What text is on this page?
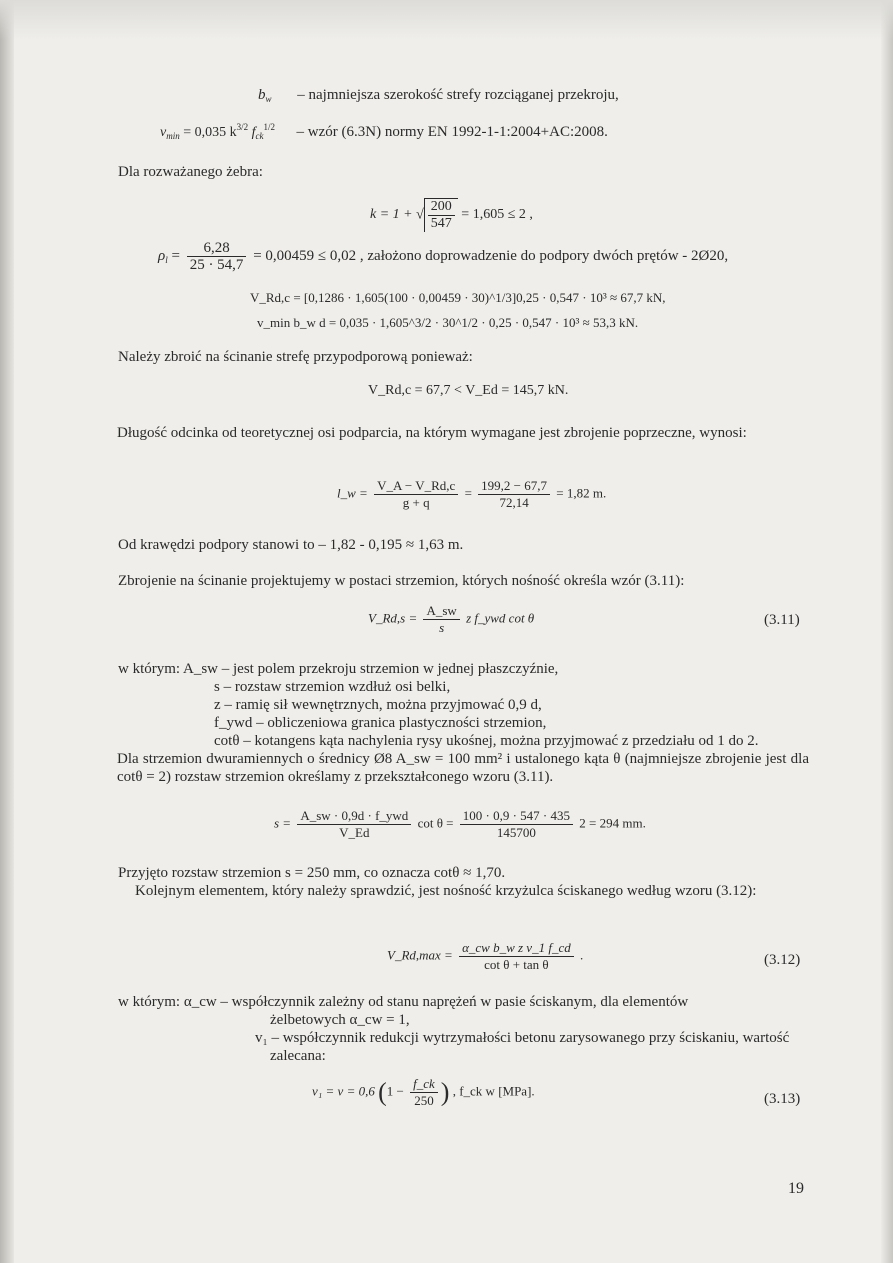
$b_w$ – najmniejsza szerokość strefy rozciąganej przekroju,
$v_{min} = 0,035$ $k^{3/2}$ $f_{ck}^{1/2}$ – wzór (6.3N) normy EN 1992-1-1:2004+AC:2008.
Dla rozważanego żebra:
k = 1 + √ $\frac{200}{547} = 1,605 \le 2$ ,
$\rho_l = \frac{6,28}{25 \cdot 54,7} = 0,00459 \le 0,02$ , założono doprowadzenie do podpory dwóch prętów - 2Ø20,
V_Rd,c = [0,1286 · 1,605(100 · 0,00459 · 30)^1/3]0,25 · 0,547 · 10³ ≈ 67,7 kN,
v_min b_w d = 0,035 · 1,605^3/2 · 30^1/2 · 0,25 · 0,547 · 10³ ≈ 53,3 kN.
Należy zbroić na ścinanie strefę przypodporową ponieważ:
V_Rd,c = 67,7 < V_Ed = 145,7 kN.
Długość odcinka od teoretycznej osi podparcia, na którym wymagane jest zbrojenie poprzeczne, wynosi:
l_w = $\frac{V\_A - V\_Rd,c}{g + q} = \frac{199,2 - 67,7}{72,14} = 1,82$ m.
Od krawędzi podpory stanowi to – 1,82 - 0,195 ≈ 1,63 m.
Zbrojenie na ścinanie projektujemy w postaci strzemion, których nośność określa wzór (3.11):
V_Rd,s = $\frac{A\_sw}{s}$ z f_ywd cot θ	(3.11)
w którym: A_sw – jest polem przekroju strzemion w jednej płaszczyźnie,
s – rozstaw strzemion wzdłuż osi belki,
z – ramię sił wewnętrznych, można przyjmować 0,9 d,
f_ywd – obliczeniowa granica plastyczności strzemion,
cotθ – kotangens kąta nachylenia rysy ukośnej, można przyjmować z przedziału od 1 do 2.
Dla strzemion dwuramiennych o średnicy Ø8 A_sw = 100 mm² i ustalonego kąta θ (najmniejsze zbrojenie jest dla cotθ = 2) rozstaw strzemion określamy z przekształconego wzoru (3.11).
$s = \frac{\text{A\_sw · 0,9d · f\_ywd}}{V\_Ed}$ $\cot \theta = \frac{100 \cdot 0,9 \cdot 547 \cdot 435}{145700} 2 = 294$ mm.
Przyjęto rozstaw strzemion s = 250 mm, co oznacza cotθ ≈ 1,70.
Kolejnym elementem, który należy sprawdzić, jest nośność krzyżulca ściskanego według wzoru (3.12):
V_Rd,max = $\frac{\text{α\_cw b\_w z v\_1 f\_cd}}{\text{cot θ + tan θ}}$ .	(3.12)
w którym: α_cw – współczynnik zależny od stanu naprężeń w pasie ściskanym, dla elementów
żelbetowych α_cw = 1,
v₁ – współczynnik redukcji wytrzymałości betonu zarysowanego przy ściskaniu, wartość
zalecana:
v₁ = v = 0,6 ($1 - \frac{f\_ck}{250}$ ) , f_ck w [MPa].
(3.13)
19
